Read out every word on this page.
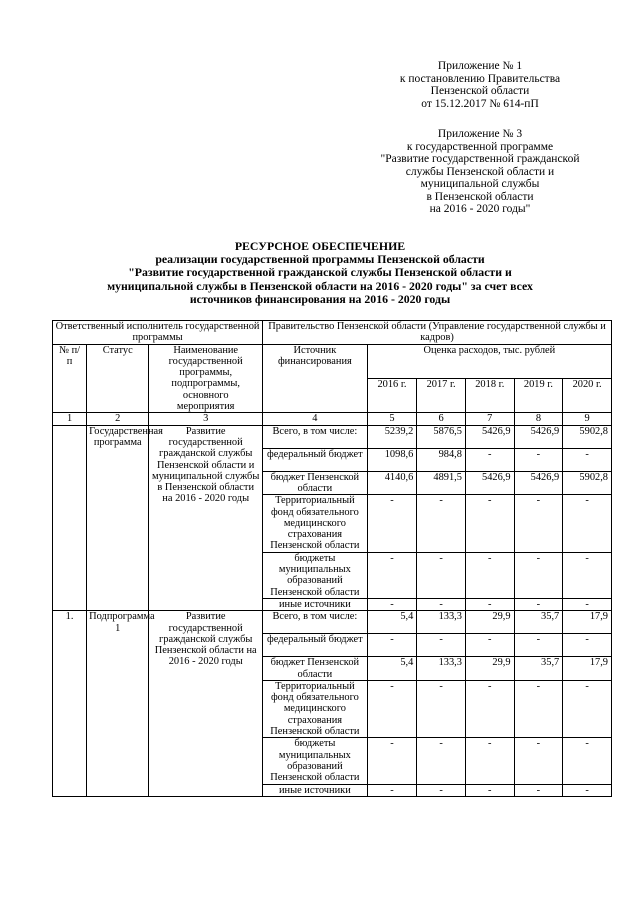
Приложение № 1
к постановлению Правительства
Пензенской области
от 15.12.2017 № 614-пП
Приложение № 3
к государственной программе
"Развитие государственной гражданской
службы Пензенской области и
муниципальной службы
в Пензенской области
на 2016 - 2020 годы"
РЕСУРСНОЕ ОБЕСПЕЧЕНИЕ
реализации государственной программы Пензенской области
"Развитие государственной гражданской службы Пензенской области и
муниципальной службы в Пензенской области на 2016 - 2020 годы" за счет всех
источников финансирования на 2016 - 2020 годы
Ответственный исполнитель государственной программы			Правительство Пензенской области (Управление государственной службы и кадров)					
№ п/п	Статус	Наименование государственной программы, подпрограммы, основного мероприятия	Источник финансирования	Оценка расходов, тыс. рублей				
				2016 г.	2017 г.	2018 г.	2019 г.	2020 г.
1	2	3	4	5	6	7	8	9
	Государственная программа	Развитие государственной гражданской службы Пензенской области и муниципальной службы в Пензенской области на 2016 - 2020 годы	Всего, в том числе:	5239,2	5876,5	5426,9	5426,9	5902,8
			федеральный бюджет	1098,6	984,8	-	-	-
			бюджет Пензенской области	4140,6	4891,5	5426,9	5426,9	5902,8
			Территориальный фонд обязательного медицинского страхования Пензенской области	-	-	-	-	-
			бюджеты муниципальных образований Пензенской области	-	-	-	-	-
			иные источники	-	-	-	-	-
1.	Подпрограмма 1	Развитие государственной гражданской службы Пензенской области на 2016 - 2020 годы	Всего, в том числе:	5,4	133,3	29,9	35,7	17,9
			федеральный бюджет	-	-	-	-	-
			бюджет Пензенской области	5,4	133,3	29,9	35,7	17,9
			Территориальный фонд обязательного медицинского страхования Пензенской области	-	-	-	-	-
			бюджеты муниципальных образований Пензенской области	-	-	-	-	-
			иные источники	-	-	-	-	-
